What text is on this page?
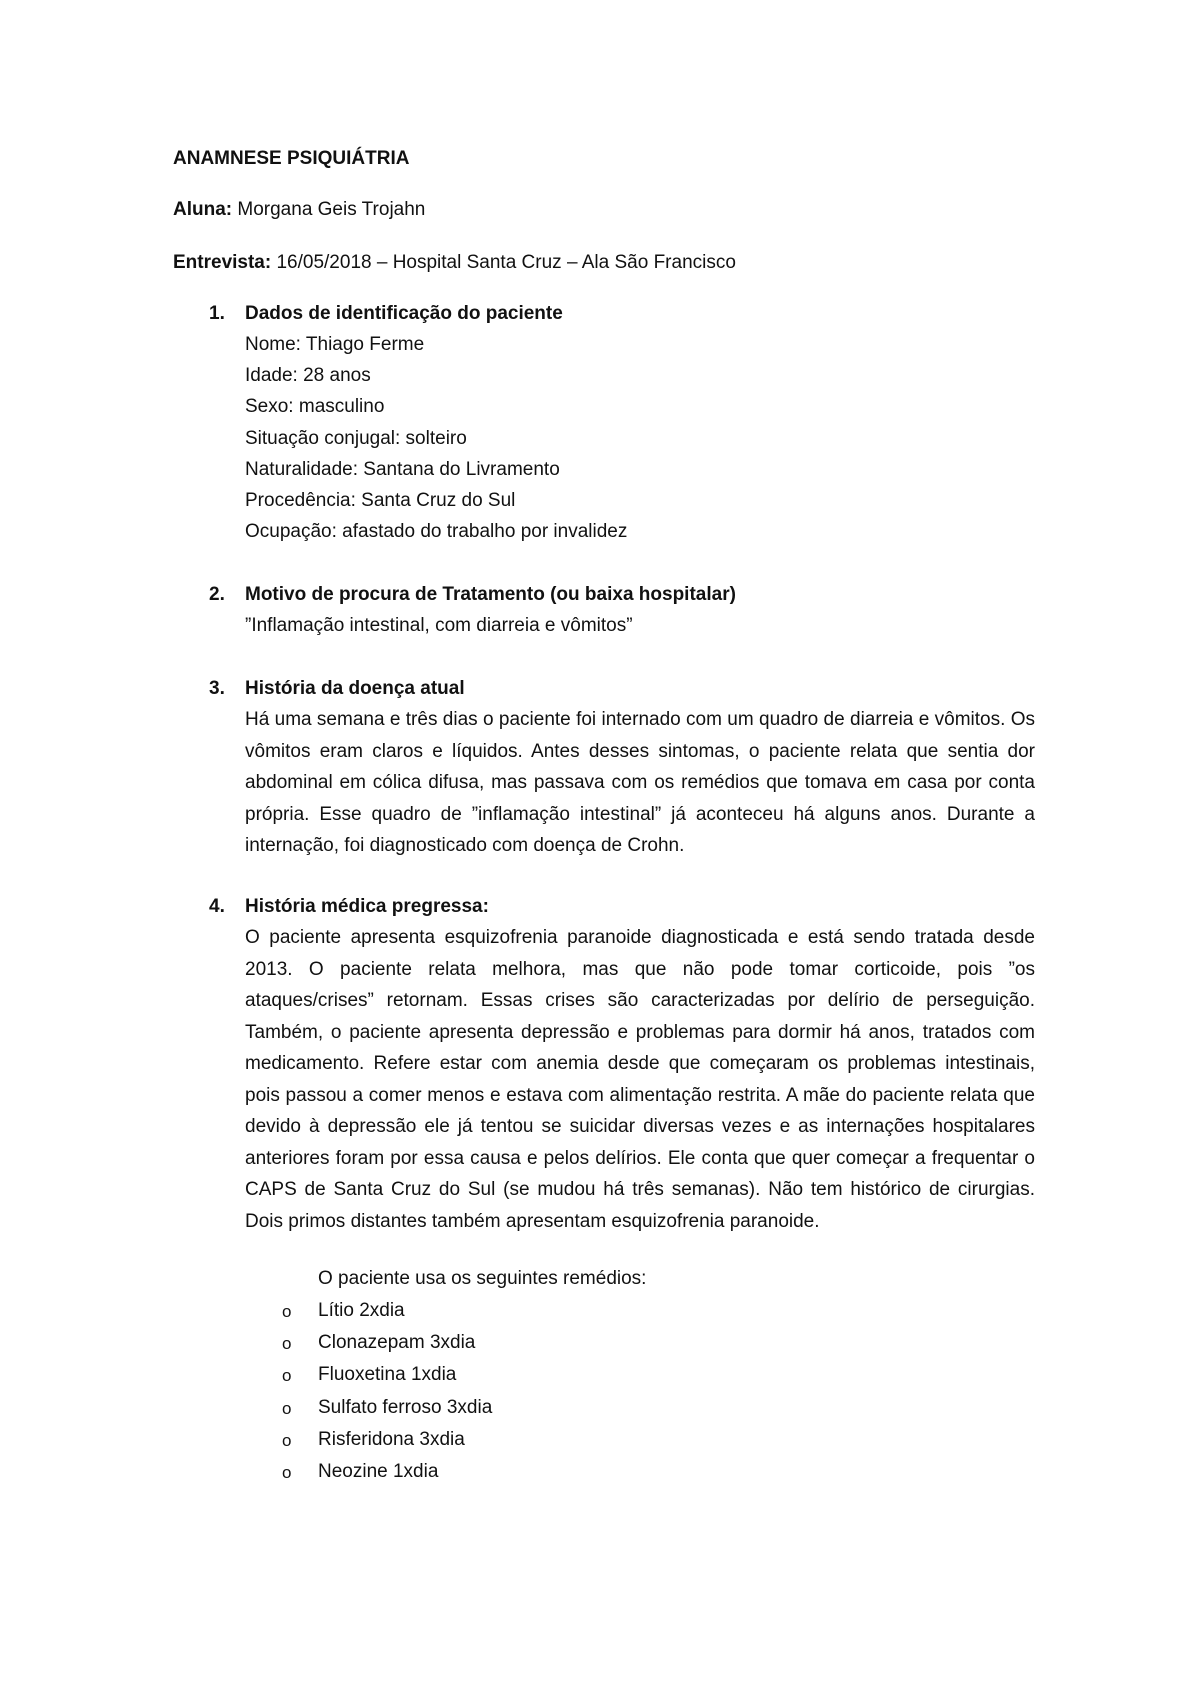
ANAMNESE PSIQUIÁTRIA
Aluna: Morgana Geis Trojahn
Entrevista: 16/05/2018 – Hospital Santa Cruz – Ala São Francisco
1.	Dados de identificação do paciente
Nome: Thiago Ferme
Idade: 28 anos
Sexo: masculino
Situação conjugal: solteiro
Naturalidade: Santana do Livramento
Procedência: Santa Cruz do Sul
Ocupação: afastado do trabalho por invalidez
2.	Motivo de procura de Tratamento (ou baixa hospitalar)
”Inflamação intestinal, com diarreia e vômitos”
3.	História da doença atual
Há uma semana e três dias o paciente foi internado com um quadro de diarreia e vômitos. Os vômitos eram claros e líquidos. Antes desses sintomas, o paciente relata que sentia dor abdominal em cólica difusa, mas passava com os remédios que tomava em casa por conta própria. Esse quadro de ”inflamação intestinal” já aconteceu há alguns anos. Durante a internação, foi diagnosticado com doença de Crohn.
4.	História médica pregressa:
O paciente apresenta esquizofrenia paranoide diagnosticada e está sendo tratada desde 2013. O paciente relata melhora, mas que não pode tomar corticoide, pois ”os ataques/crises” retornam. Essas crises são caracterizadas por delírio de perseguição. Também, o paciente apresenta depressão e problemas para dormir há anos, tratados com medicamento. Refere estar com anemia desde que começaram os problemas intestinais, pois passou a comer menos e estava com alimentação restrita. A mãe do paciente relata que devido à depressão ele já tentou se suicidar diversas vezes e as internações hospitalares anteriores foram por essa causa e pelos delírios. Ele conta que quer começar a frequentar o CAPS de Santa Cruz do Sul (se mudou há três semanas). Não tem histórico de cirurgias. Dois primos distantes também apresentam esquizofrenia paranoide.
O paciente usa os seguintes remédios:
o Lítio 2xdia
o Clonazepam 3xdia
o Fluoxetina 1xdia
o Sulfato ferroso 3xdia
o Risferidona 3xdia
o Neozine 1xdia
